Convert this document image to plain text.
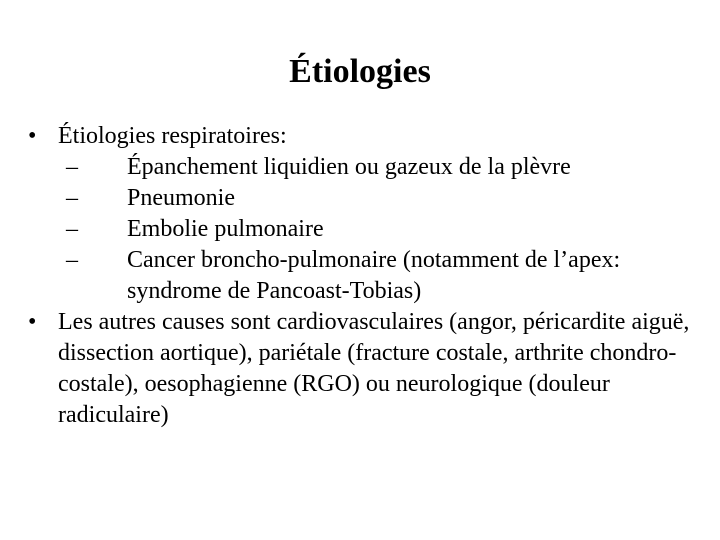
Étiologies
• Étiologies respiratoires:
– Épanchement liquidien ou gazeux de la plèvre
– Pneumonie
– Embolie pulmonaire
– Cancer broncho-pulmonaire (notamment de l’apex: syndrome de Pancoast-Tobias)
• Les autres causes sont cardiovasculaires (angor, péricardite aiguë, dissection aortique), pariétale (fracture costale, arthrite chondro-costale), oesophagienne (RGO) ou neurologique (douleur radiculaire)
